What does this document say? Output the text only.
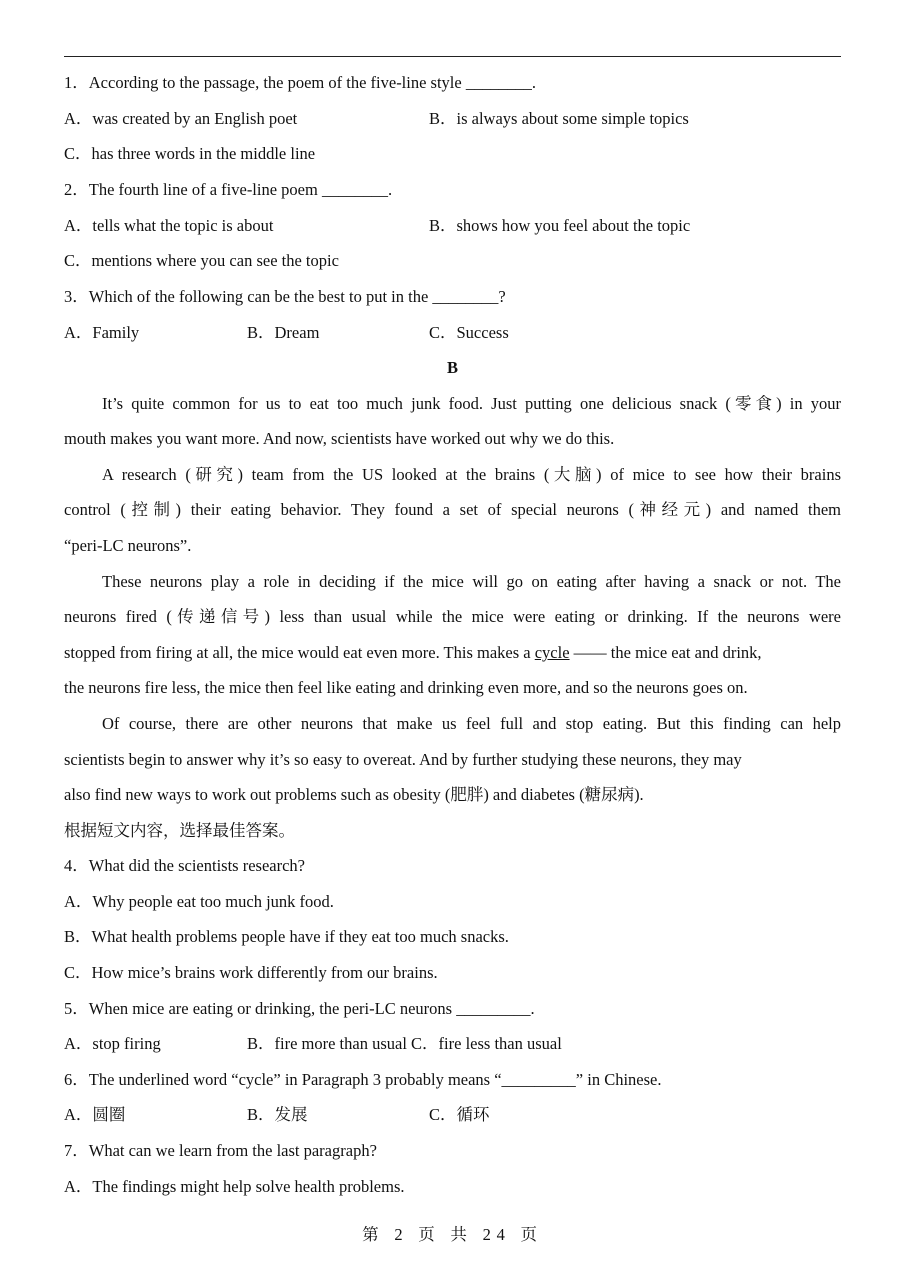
1．According to the passage, the poem of the five-line style ________.
A．was created by an English poet	B．is always about some simple topics
C．has three words in the middle line
2．The fourth line of a five-line poem ________.
A．tells what the topic is about	B．shows how you feel about the topic
C．mentions where you can see the topic
3．Which of the following can be the best to put in the ________?
A．Family	B．Dream	C．Success
B
It’s quite common for us to eat too much junk food. Just putting one delicious snack (零食) in your
mouth makes you want more. And now, scientists have worked out why we do this.
A research (研究) team from the US looked at the brains (大脑) of mice to see how their brains
control (控制) their eating behavior. They found a set of special neurons (神经元) and named them
“peri-LC neurons”.
These neurons play a role in deciding if the mice will go on eating after having a snack or not. The
neurons fired (传递信号) less than usual while the mice were eating or drinking. If the neurons were
stopped from firing at all, the mice would eat even more. This makes a cycle —— the mice eat and drink,
the neurons fire less, the mice then feel like eating and drinking even more, and so the neurons goes on.
Of course, there are other neurons that make us feel full and stop eating. But this finding can help
scientists begin to answer why it’s so easy to overeat. And by further studying these neurons, they may
also find new ways to work out problems such as obesity (肥胖) and diabetes (糖尿病).
根据短文内容，选择最佳答案。
4．What did the scientists research?
A．Why people eat too much junk food.
B．What health problems people have if they eat too much snacks.
C．How mice’s brains work differently from our brains.
5．When mice are eating or drinking, the peri-LC neurons _________.
A．stop firing	B．fire more than usual C．fire less than usual
6．The underlined word “cycle” in Paragraph 3 probably means “_________” in Chinese.
A．圆圈	B．发展	C．循环
7．What can we learn from the last paragraph?
A．The findings might help solve health problems.
第 2 页 共 24 页
